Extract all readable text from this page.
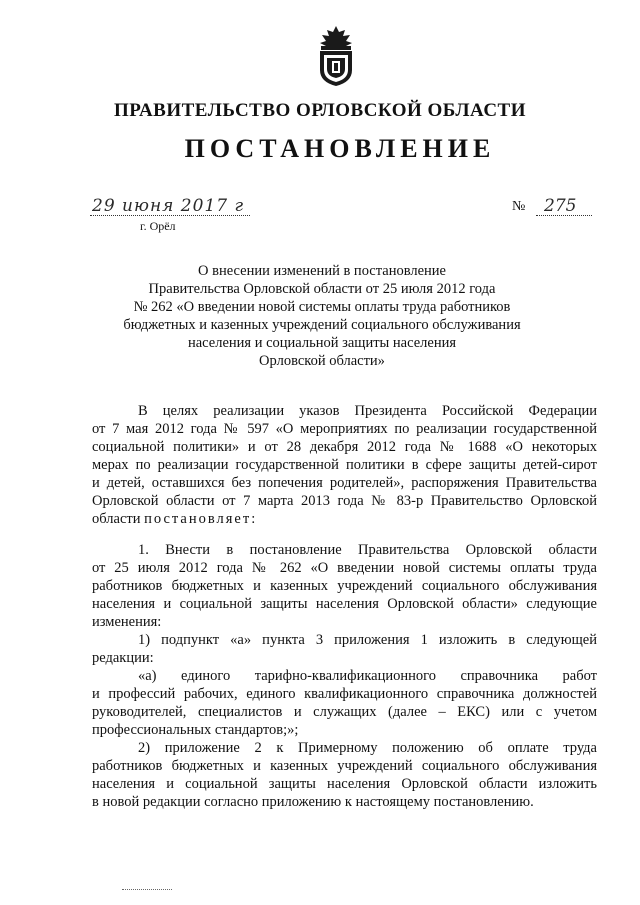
ПРАВИТЕЛЬСТВО ОРЛОВСКОЙ ОБЛАСТИ
ПОСТАНОВЛЕНИЕ
29 июня 2017 г
г. Орёл
№ 275
О внесении изменений в постановление
Правительства Орловской области от 25 июля 2012 года
№ 262 «О введении новой системы оплаты труда работников
бюджетных и казенных учреждений социального обслуживания
населения и социальной защиты населения
Орловской области»
В целях реализации указов Президента Российской Федерации
от 7 мая 2012 года № 597 «О мероприятиях по реализации государственной
социальной политики» и от 28 декабря 2012 года № 1688 «О некоторых
мерах по реализации государственной политики в сфере защиты детей-сирот
и детей, оставшихся без попечения родителей», распоряжения Правительства
Орловской области от 7 марта 2013 года № 83-р Правительство Орловской
области постановляет:
1. Внести в постановление Правительства Орловской области
от 25 июля 2012 года № 262 «О введении новой системы оплаты труда
работников бюджетных и казенных учреждений социального обслуживания
населения и социальной защиты населения Орловской области» следующие
изменения:
1) подпункт «а» пункта 3 приложения 1 изложить в следующей
редакции:
«а) единого тарифно-квалификационного справочника работ
и профессий рабочих, единого квалификационного справочника должностей
руководителей, специалистов и служащих (далее – ЕКС) или с учетом
профессиональных стандартов;»;
2) приложение 2 к Примерному положению об оплате труда
работников бюджетных и казенных учреждений социального обслуживания
населения и социальной защиты населения Орловской области изложить
в новой редакции согласно приложению к настоящему постановлению.
